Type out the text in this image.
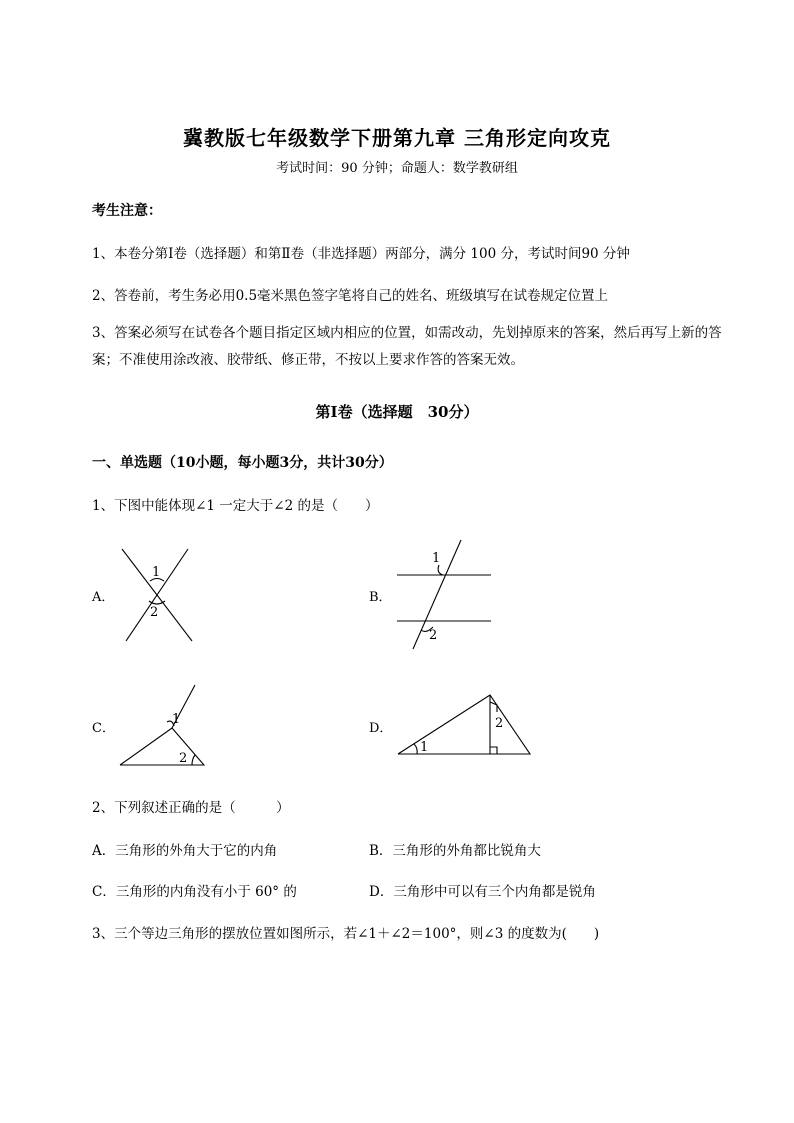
冀教版七年级数学下册第九章 三角形定向攻克
考试时间：90 分钟；命题人：数学教研组
考生注意：
1、本卷分第Ⅰ卷（选择题）和第Ⅱ卷（非选择题）两部分，满分 100 分，考试时间90 分钟
2、答卷前，考生务必用0.5毫米黑色签字笔将自己的姓名、班级填写在试卷规定位置上
3、答案必须写在试卷各个题目指定区域内相应的位置，如需改动，先划掉原来的答案，然后再写上新的答案；不准使用涂改液、胶带纸、修正带，不按以上要求作答的答案无效。
第Ⅰ卷（选择题　30分）
一、单选题（10小题，每小题3分，共计30分）
1、下图中能体现∠1 一定大于∠2 的是（　　）
A．
1
2
B．
1
2
C．
1
2
D．
1
2
2、下列叙述正确的是（　　　）
A．三角形的外角大于它的内角	B．三角形的外角都比锐角大
C．三角形的内角没有小于 60° 的	D．三角形中可以有三个内角都是锐角
3、三个等边三角形的摆放位置如图所示，若∠1＋∠2＝100°，则∠3 的度数为(　　)
